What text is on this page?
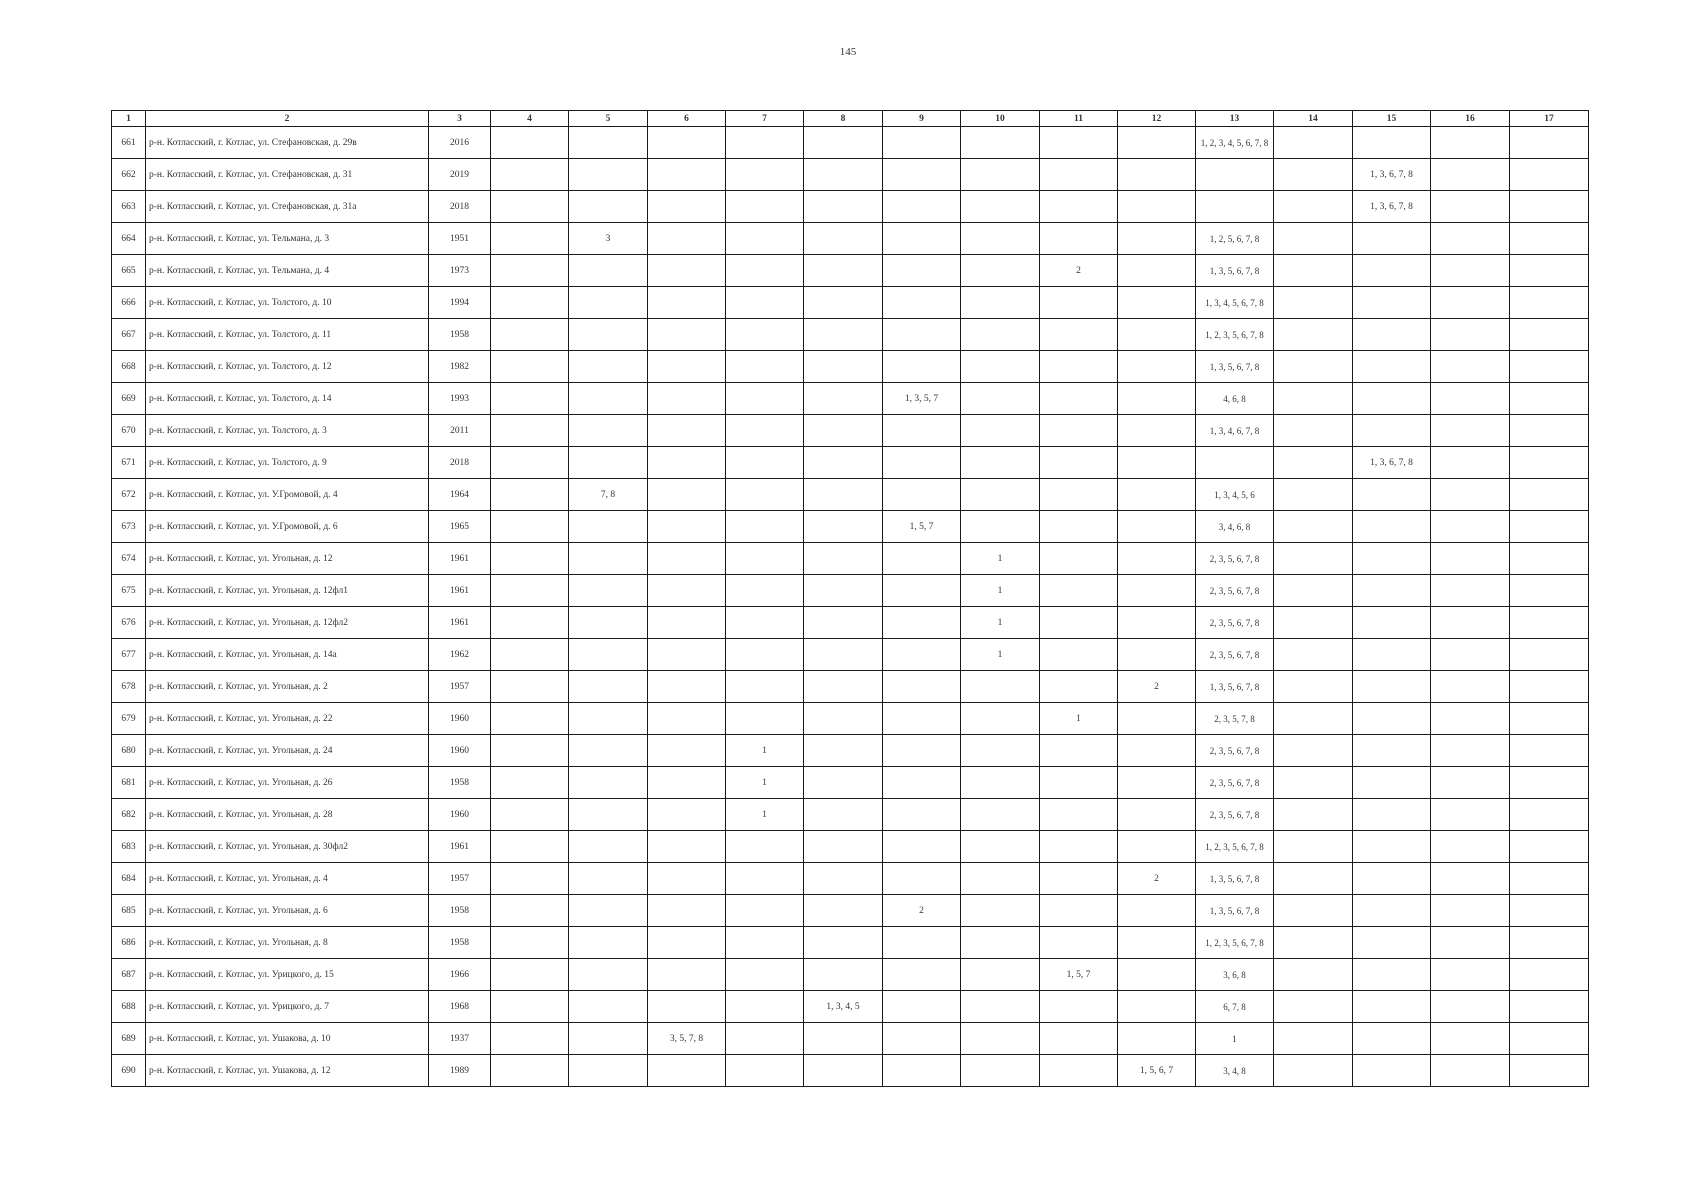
145
1	2	3	4	5	6	7	8	9	10	11	12	13	14	15	16	17
661	р-н. Котласский, г. Котлас, ул. Стефановская, д. 29в	2016										1, 2, 3, 4, 5, 6, 7, 8				
662	р-н. Котласский, г. Котлас, ул. Стефановская, д. 31	2019												1, 3, 6, 7, 8		
663	р-н. Котласский, г. Котлас, ул. Стефановская, д. 31а	2018												1, 3, 6, 7, 8		
664	р-н. Котласский, г. Котлас, ул. Тельмана, д. 3	1951		3								1, 2, 5, 6, 7, 8				
665	р-н. Котласский, г. Котлас, ул. Тельмана, д. 4	1973								2		1, 3, 5, 6, 7, 8				
666	р-н. Котласский, г. Котлас, ул. Толстого, д. 10	1994										1, 3, 4, 5, 6, 7, 8				
667	р-н. Котласский, г. Котлас, ул. Толстого, д. 11	1958										1, 2, 3, 5, 6, 7, 8				
668	р-н. Котласский, г. Котлас, ул. Толстого, д. 12	1982										1, 3, 5, 6, 7, 8				
669	р-н. Котласский, г. Котлас, ул. Толстого, д. 14	1993						1, 3, 5, 7				4, 6, 8				
670	р-н. Котласский, г. Котлас, ул. Толстого, д. 3	2011										1, 3, 4, 6, 7, 8				
671	р-н. Котласский, г. Котлас, ул. Толстого, д. 9	2018												1, 3, 6, 7, 8		
672	р-н. Котласский, г. Котлас, ул. У.Громовой, д. 4	1964		7, 8								1, 3, 4, 5, 6				
673	р-н. Котласский, г. Котлас, ул. У.Громовой, д. 6	1965						1, 5, 7				3, 4, 6, 8				
674	р-н. Котласский, г. Котлас, ул. Угольная, д. 12	1961							1			2, 3, 5, 6, 7, 8				
675	р-н. Котласский, г. Котлас, ул. Угольная, д. 12фл1	1961							1			2, 3, 5, 6, 7, 8				
676	р-н. Котласский, г. Котлас, ул. Угольная, д. 12фл2	1961							1			2, 3, 5, 6, 7, 8				
677	р-н. Котласский, г. Котлас, ул. Угольная, д. 14а	1962							1			2, 3, 5, 6, 7, 8				
678	р-н. Котласский, г. Котлас, ул. Угольная, д. 2	1957									2	1, 3, 5, 6, 7, 8				
679	р-н. Котласский, г. Котлас, ул. Угольная, д. 22	1960								1		2, 3, 5, 7, 8				
680	р-н. Котласский, г. Котлас, ул. Угольная, д. 24	1960				1						2, 3, 5, 6, 7, 8				
681	р-н. Котласский, г. Котлас, ул. Угольная, д. 26	1958				1						2, 3, 5, 6, 7, 8				
682	р-н. Котласский, г. Котлас, ул. Угольная, д. 28	1960				1						2, 3, 5, 6, 7, 8				
683	р-н. Котласский, г. Котлас, ул. Угольная, д. 30фл2	1961										1, 2, 3, 5, 6, 7, 8				
684	р-н. Котласский, г. Котлас, ул. Угольная, д. 4	1957									2	1, 3, 5, 6, 7, 8				
685	р-н. Котласский, г. Котлас, ул. Угольная, д. 6	1958						2				1, 3, 5, 6, 7, 8				
686	р-н. Котласский, г. Котлас, ул. Угольная, д. 8	1958										1, 2, 3, 5, 6, 7, 8				
687	р-н. Котласский, г. Котлас, ул. Урицкого, д. 15	1966								1, 5, 7		3, 6, 8				
688	р-н. Котласский, г. Котлас, ул. Урицкого, д. 7	1968					1, 3, 4, 5					6, 7, 8				
689	р-н. Котласский, г. Котлас, ул. Ушакова, д. 10	1937			3, 5, 7, 8							1				
690	р-н. Котласский, г. Котлас, ул. Ушакова, д. 12	1989									1, 5, 6, 7	3, 4, 8				
